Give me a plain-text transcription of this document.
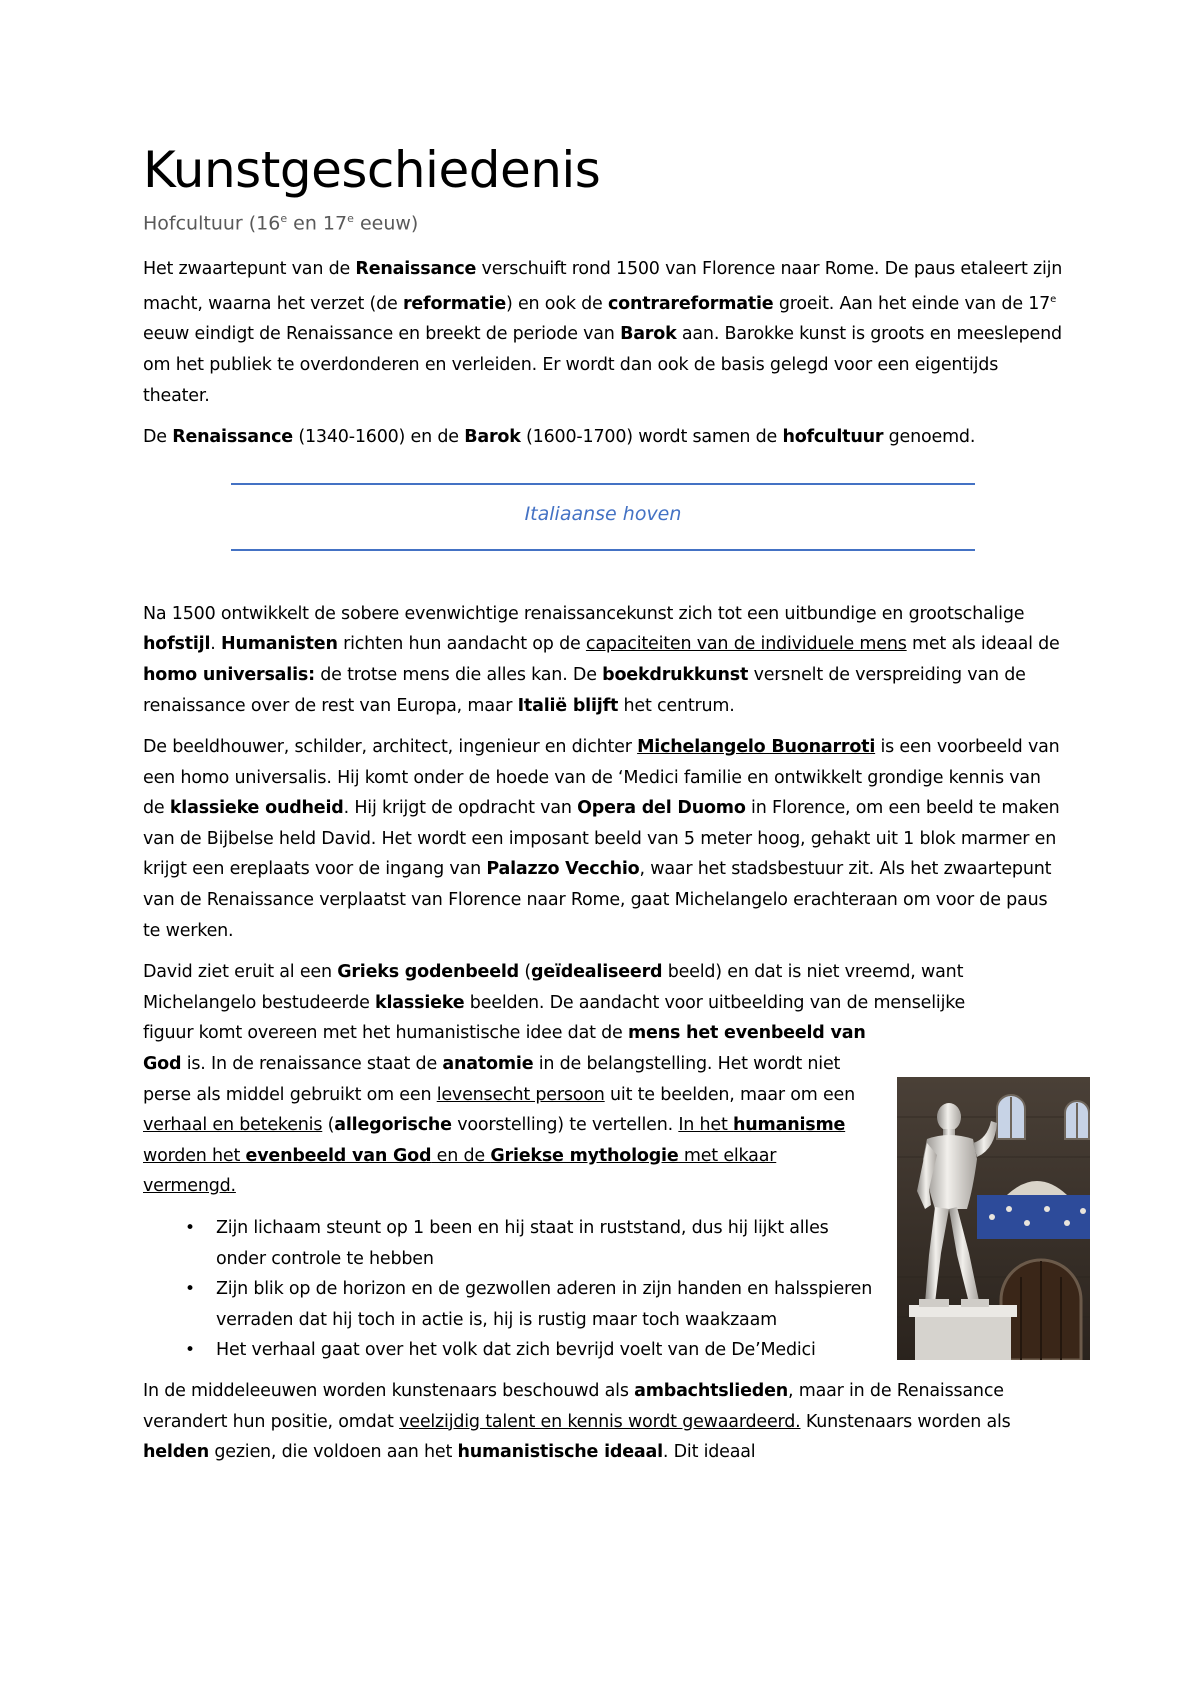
Kunstgeschiedenis
Hofcultuur (16e en 17e eeuw)

Het zwaartepunt van de Renaissance verschuift rond 1500 van Florence naar Rome. De paus etaleert zijn macht, waarna het verzet (de reformatie) en ook de contrareformatie groeit. Aan het einde van de 17e eeuw eindigt de Renaissance en breekt de periode van Barok aan. Barokke kunst is groots en meeslepend om het publiek te overdonderen en verleiden. Er wordt dan ook de basis gelegd voor een eigentijds theater.

De Renaissance (1340-1600) en de Barok (1600-1700) wordt samen de hofcultuur genoemd.

Italiaanse hoven

Na 1500 ontwikkelt de sobere evenwichtige renaissancekunst zich tot een uitbundige en grootschalige hofstijl. Humanisten richten hun aandacht op de capaciteiten van de individuele mens met als ideaal de homo universalis: de trotse mens die alles kan. De boekdrukkunst versnelt de verspreiding van de renaissance over de rest van Europa, maar Italië blijft het centrum.

De beeldhouwer, schilder, architect, ingenieur en dichter Michelangelo Buonarroti is een voorbeeld van een homo universalis. Hij komt onder de hoede van de ‘Medici familie en ontwikkelt grondige kennis van de klassieke oudheid. Hij krijgt de opdracht van Opera del Duomo in Florence, om een beeld te maken van de Bijbelse held David. Het wordt een imposant beeld van 5 meter hoog, gehakt uit 1 blok marmer en krijgt een ereplaats voor de ingang van Palazzo Vecchio, waar het stadsbestuur zit. Als het zwaartepunt van de Renaissance verplaatst van Florence naar Rome, gaat Michelangelo erachteraan om voor de paus te werken.

David ziet eruit al een Grieks godenbeeld (geïdealiseerd beeld) en dat is niet vreemd, want Michelangelo bestudeerde klassieke beelden. De aandacht voor uitbeelding van de menselijke

figuur komt overeen met het humanistische idee dat de mens het evenbeeld van God is. In de renaissance staat de anatomie in de belangstelling. Het wordt niet perse als middel gebruikt om een levensecht persoon uit te beelden, maar om een verhaal en betekenis (allegorische voorstelling) te vertellen. In het humanisme worden het evenbeeld van God en de Griekse mythologie met elkaar vermengd.

• Zijn lichaam steunt op 1 been en hij staat in ruststand, dus hij lijkt alles onder controle te hebben
• Zijn blik op de horizon en de gezwollen aderen in zijn handen en halsspieren verraden dat hij toch in actie is, hij is rustig maar toch waakzaam
• Het verhaal gaat over het volk dat zich bevrijd voelt van de De’Medici

In de middeleeuwen worden kunstenaars beschouwd als ambachtslieden, maar in de Renaissance verandert hun positie, omdat veelzijdig talent en kennis wordt gewaardeerd. Kunstenaars worden als helden gezien, die voldoen aan het humanistische ideaal. Dit ideaal
